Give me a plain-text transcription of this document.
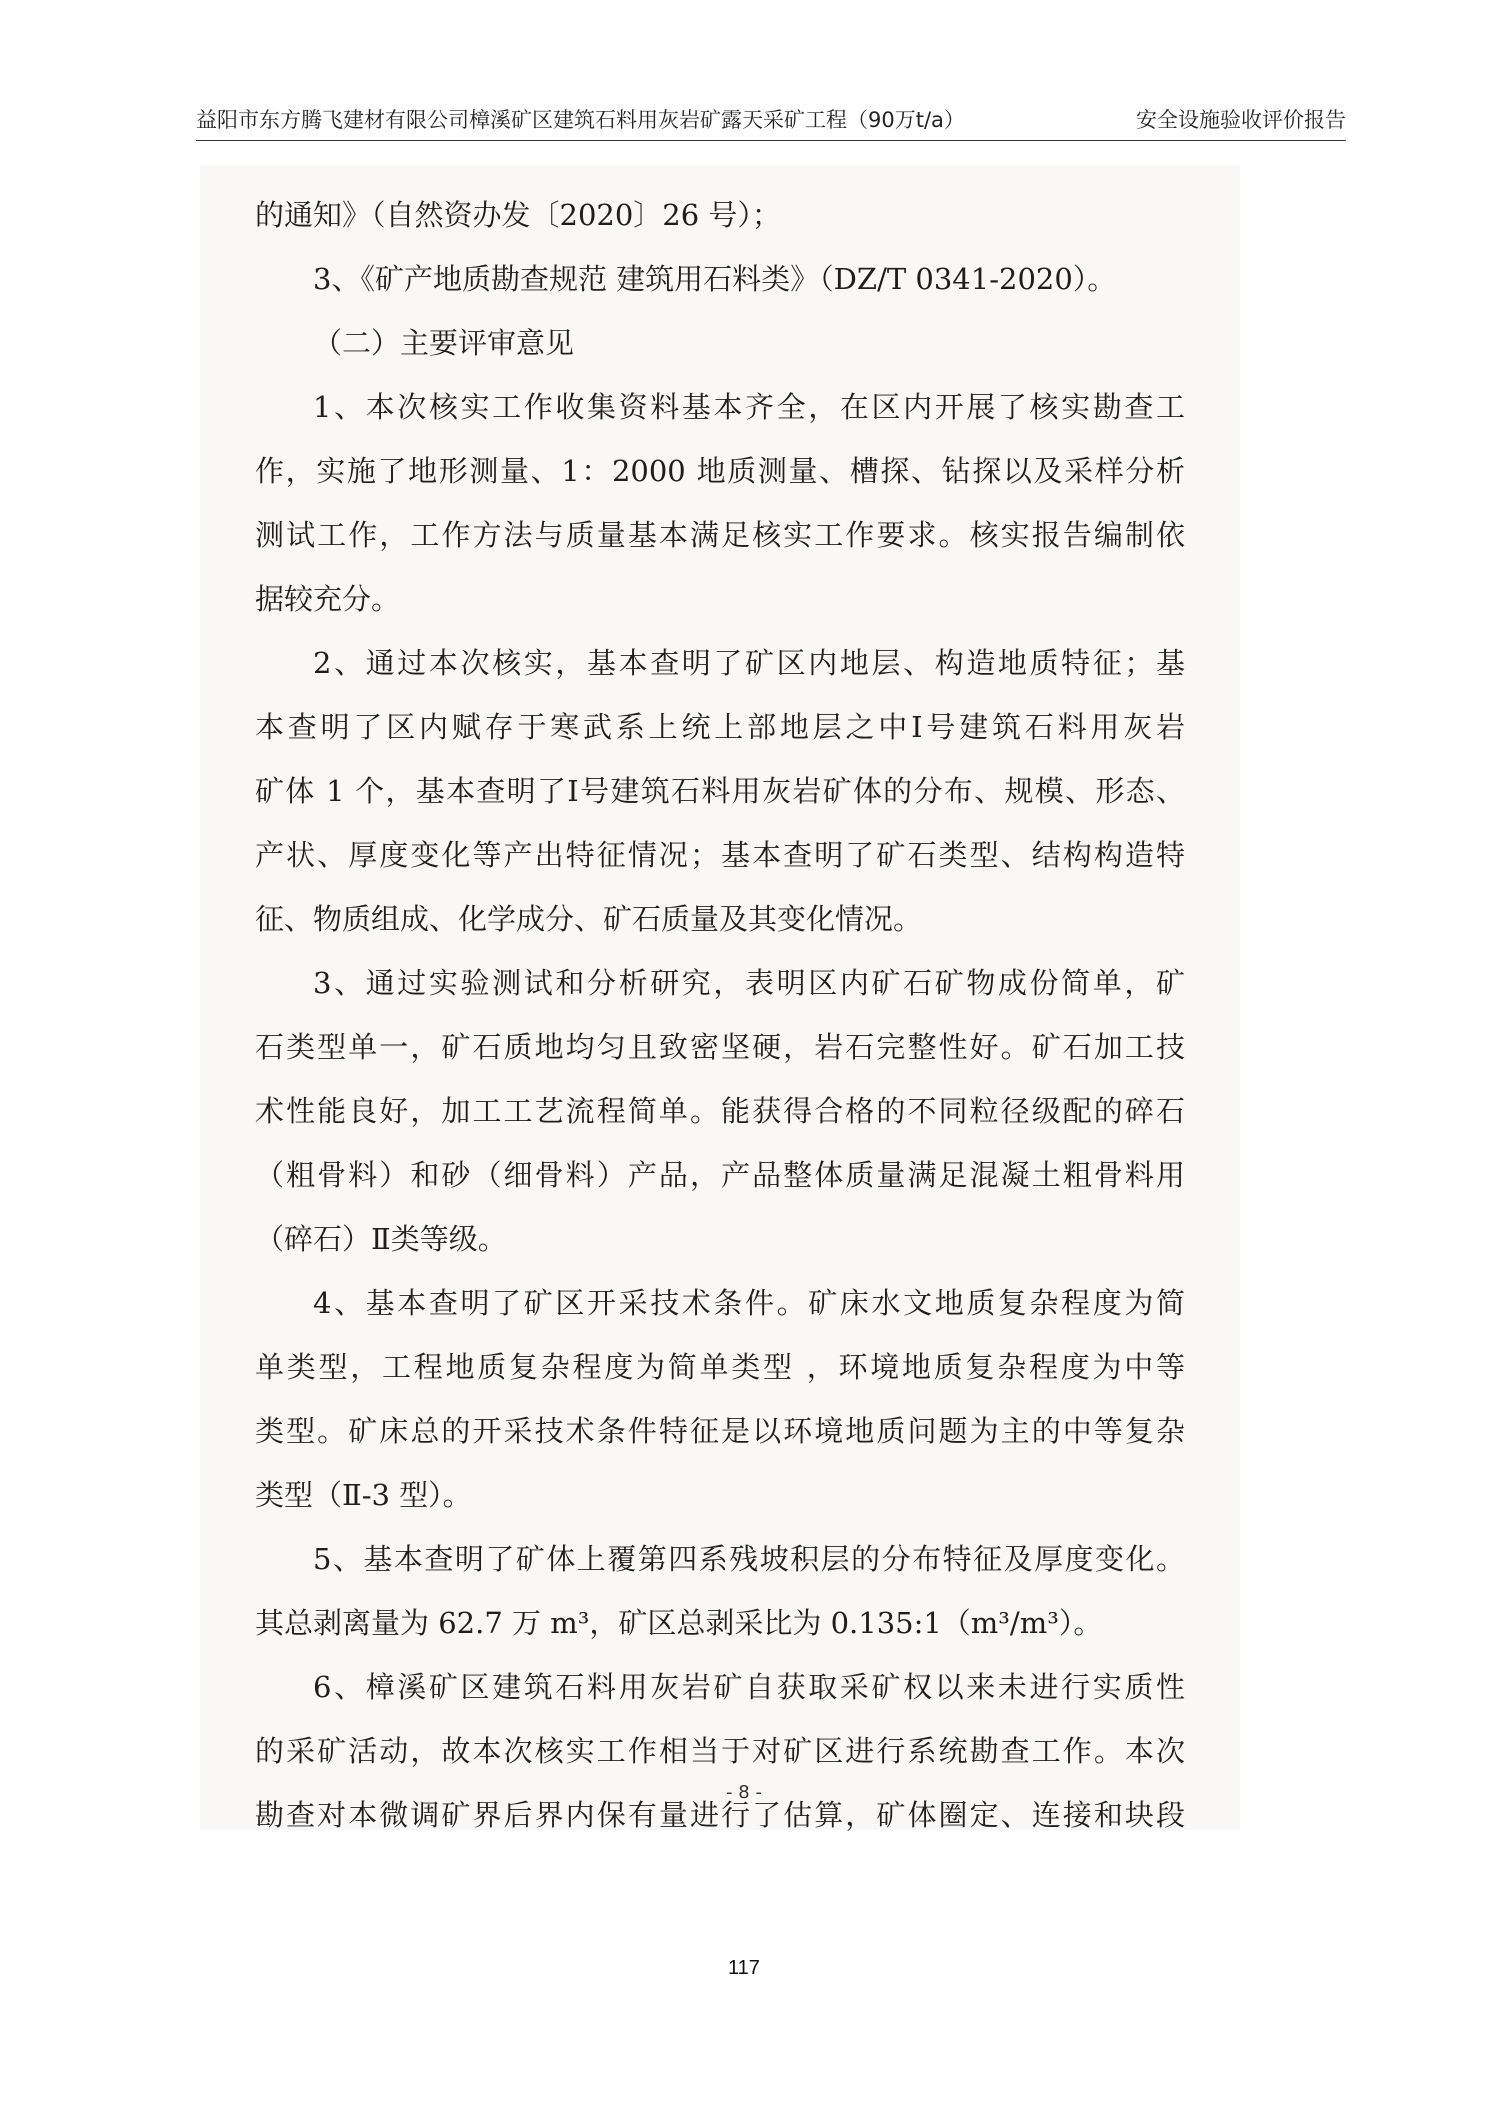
益阳市东方腾飞建材有限公司樟溪矿区建筑石料用灰岩矿露天采矿工程（90万t/a）	安全设施验收评价报告
的通知》（自然资办发〔2020〕26 号）；
3、《矿产地质勘查规范 建筑用石料类》（DZ/T 0341-2020）。
（二）主要评审意见
1、本次核实工作收集资料基本齐全，在区内开展了核实勘查工
作，实施了地形测量、1：2000 地质测量、槽探、钻探以及采样分析
测试工作，工作方法与质量基本满足核实工作要求。核实报告编制依
据较充分。
2、通过本次核实，基本查明了矿区内地层、构造地质特征；基
本查明了区内赋存于寒武系上统上部地层之中Ⅰ号建筑石料用灰岩
矿体 1 个，基本查明了Ⅰ号建筑石料用灰岩矿体的分布、规模、形态、
产状、厚度变化等产出特征情况；基本查明了矿石类型、结构构造特
征、物质组成、化学成分、矿石质量及其变化情况。
3、通过实验测试和分析研究，表明区内矿石矿物成份简单，矿
石类型单一，矿石质地均匀且致密坚硬，岩石完整性好。矿石加工技
术性能良好，加工工艺流程简单。能获得合格的不同粒径级配的碎石
（粗骨料）和砂（细骨料）产品，产品整体质量满足混凝土粗骨料用
（碎石）Ⅱ类等级。
4、基本查明了矿区开采技术条件。矿床水文地质复杂程度为简
单类型，工程地质复杂程度为简单类型 ，环境地质复杂程度为中等
类型。矿床总的开采技术条件特征是以环境地质问题为主的中等复杂
类型（Ⅱ-3 型）。
5、基本查明了矿体上覆第四系残坡积层的分布特征及厚度变化。
其总剥离量为 62.7 万 m³，矿区总剥采比为 0.135:1（m³/m³）。
6、樟溪矿区建筑石料用灰岩矿自获取采矿权以来未进行实质性
的采矿活动，故本次核实工作相当于对矿区进行系统勘查工作。本次
勘查对本微调矿界后界内保有量进行了估算，矿体圈定、连接和块段
- 8 -
117
